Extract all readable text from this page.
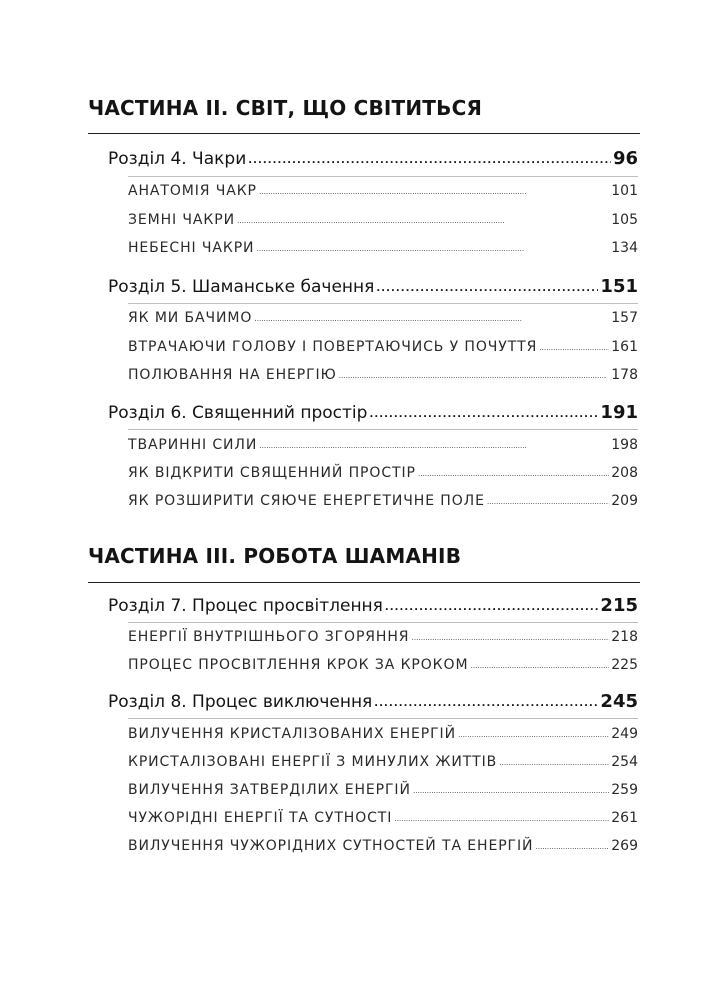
ЧАСТИНА ІІ. СВІТ, ЩО СВІТИТЬСЯ
Розділ 4. Чакри . . .	96
АНАТОМІЯ ЧАКР . . .	101
ЗЕМНІ ЧАКРИ . . .	105
НЕБЕСНІ ЧАКРИ . . .	134
Розділ 5. Шаманське бачення . . .	151
ЯК МИ БАЧИМО . . .	157
ВТРАЧАЮЧИ ГОЛОВУ І ПОВЕРТАЮЧИСЬ У ПОЧУТТЯ . . .	161
ПОЛЮВАННЯ НА ЕНЕРГІЮ . . .	178
Розділ 6. Священний простір . . .	191
ТВАРИННІ СИЛИ . . .	198
ЯК ВІДКРИТИ СВЯЩЕННИЙ ПРОСТІР . . .	208
ЯК РОЗШИРИТИ СЯЮЧЕ ЕНЕРГЕТИЧНЕ ПОЛЕ . . .	209
ЧАСТИНА ІІІ. РОБОТА ШАМАНІВ
Розділ 7. Процес просвітлення . . .	215
ЕНЕРГІЇ ВНУТРІШНЬОГО ЗГОРЯННЯ . . .	218
ПРОЦЕС ПРОСВІТЛЕННЯ КРОК ЗА КРОКОМ . . .	225
Розділ 8. Процес виключення . . .	245
ВИЛУЧЕННЯ КРИСТАЛІЗОВАНИХ ЕНЕРГІЙ . . .	249
КРИСТАЛІЗОВАНІ ЕНЕРГІЇ З МИНУЛИХ ЖИТТІВ . . .	254
ВИЛУЧЕННЯ ЗАТВЕРДІЛИХ ЕНЕРГІЙ . . .	259
ЧУЖОРІДНІ ЕНЕРГІЇ ТА СУТНОСТІ . . .	261
ВИЛУЧЕННЯ ЧУЖОРІДНИХ СУТНОСТЕЙ ТА ЕНЕРГІЙ . . .	269
